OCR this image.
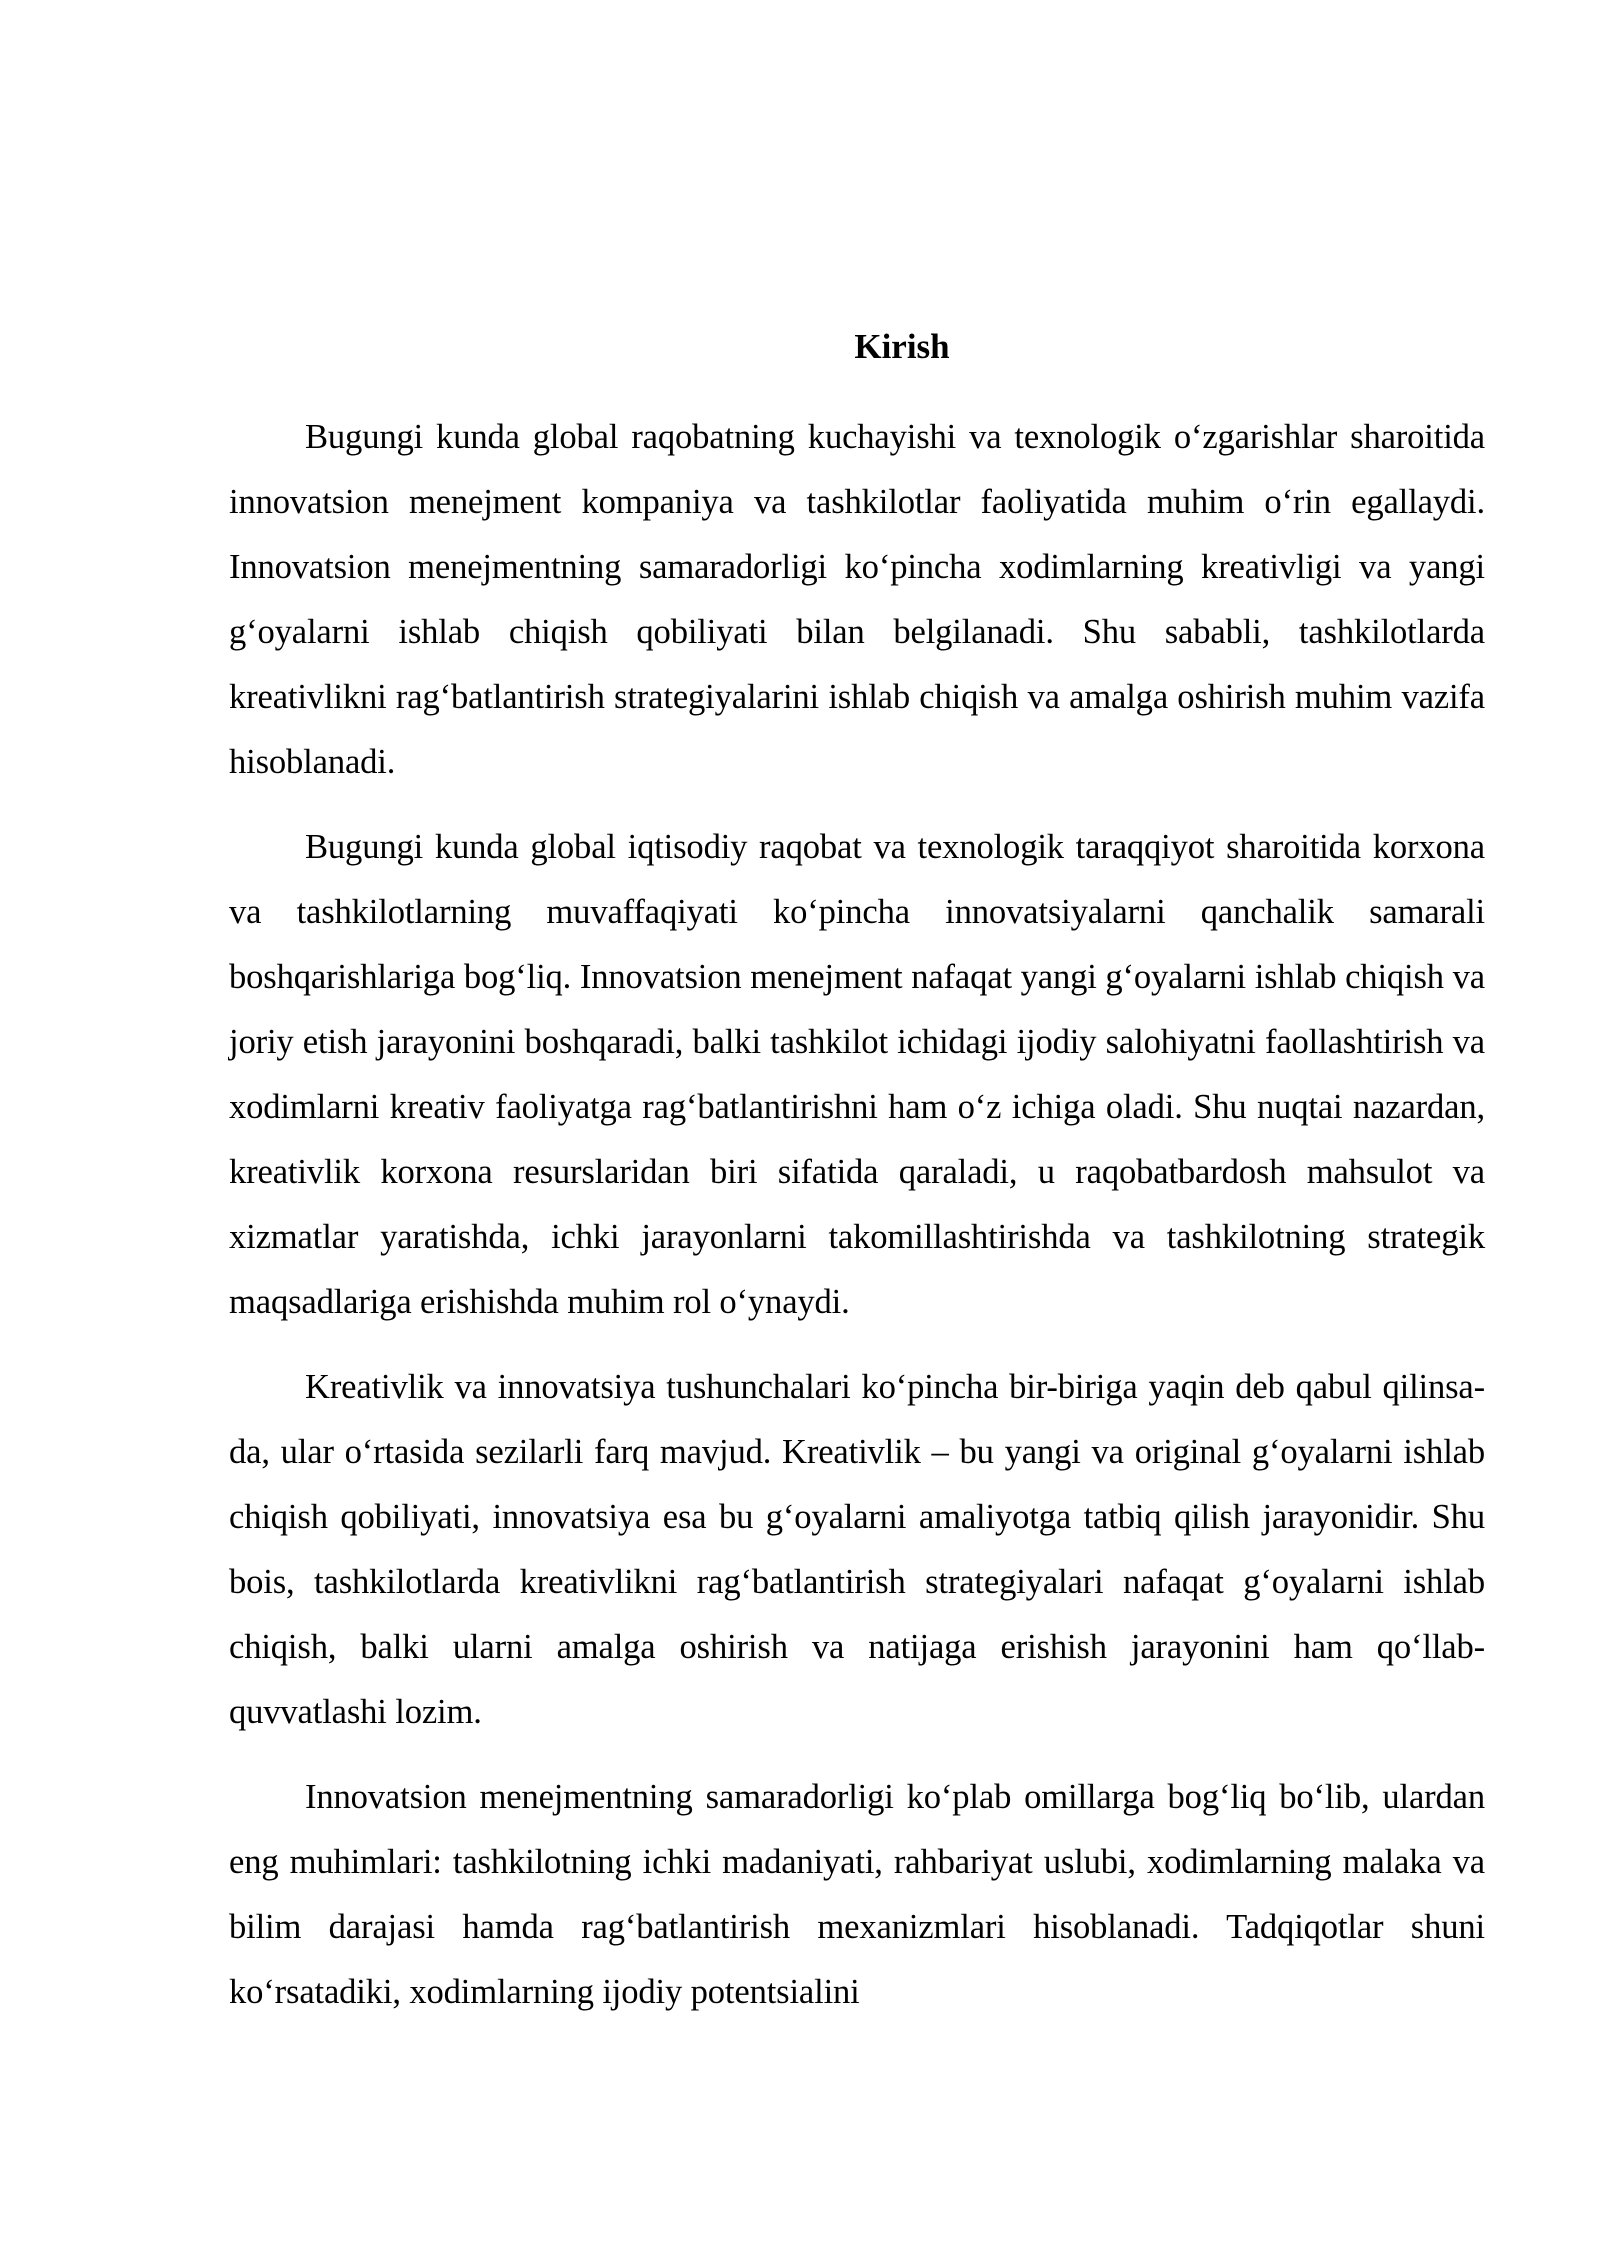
Kirish

Bugungi kunda global raqobatning kuchayishi va texnologik o‘zgarishlar sharoitida innovatsion menejment kompaniya va tashkilotlar faoliyatida muhim o‘rin egallaydi. Innovatsion menejmentning samaradorligi ko‘pincha xodimlarning kreativligi va yangi g‘oyalarni ishlab chiqish qobiliyati bilan belgilanadi. Shu sababli, tashkilotlarda kreativlikni rag‘batlantirish strategiyalarini ishlab chiqish va amalga oshirish muhim vazifa hisoblanadi.

Bugungi kunda global iqtisodiy raqobat va texnologik taraqqiyot sharoitida korxona va tashkilotlarning muvaffaqiyati ko‘pincha innovatsiyalarni qanchalik samarali boshqarishlariga bog‘liq. Innovatsion menejment nafaqat yangi g‘oyalarni ishlab chiqish va joriy etish jarayonini boshqaradi, balki tashkilot ichidagi ijodiy salohiyatni faollashtirish va xodimlarni kreativ faoliyatga rag‘batlantirishni ham o‘z ichiga oladi. Shu nuqtai nazardan, kreativlik korxona resurslaridan biri sifatida qaraladi, u raqobatbardosh mahsulot va xizmatlar yaratishda, ichki jarayonlarni takomillashtirishda va tashkilotning strategik maqsadlariga erishishda muhim rol o‘ynaydi.

Kreativlik va innovatsiya tushunchalari ko‘pincha bir-biriga yaqin deb qabul qilinsa-da, ular o‘rtasida sezilarli farq mavjud. Kreativlik – bu yangi va original g‘oyalarni ishlab chiqish qobiliyati, innovatsiya esa bu g‘oyalarni amaliyotga tatbiq qilish jarayonidir. Shu bois, tashkilotlarda kreativlikni rag‘batlantirish strategiyalari nafaqat g‘oyalarni ishlab chiqish, balki ularni amalga oshirish va natijaga erishish jarayonini ham qo‘llab-quvvatlashi lozim.

Innovatsion menejmentning samaradorligi ko‘plab omillarga bog‘liq bo‘lib, ulardan eng muhimlari: tashkilotning ichki madaniyati, rahbariyat uslubi, xodimlarning malaka va bilim darajasi hamda rag‘batlantirish mexanizmlari hisoblanadi. Tadqiqotlar shuni ko‘rsatadiki, xodimlarning ijodiy potentsialini
